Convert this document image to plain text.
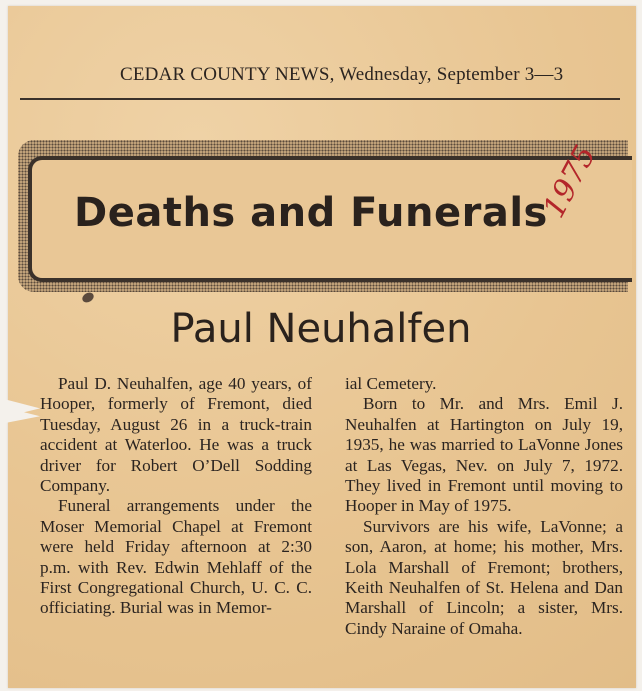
CEDAR COUNTY NEWS, Wednesday, September 3—3
Deaths and Funerals
1975
Paul Neuhalfen

Paul D. Neuhalfen, age 40 years, of Hooper, formerly of Fremont, died Tuesday, August 26 in a truck-train accident at Waterloo. He was a truck driver for Robert O’Dell Sodding Company.

Funeral arrangements under the Moser Memorial Chapel at Fremont were held Friday afternoon at 2:30 p.m. with Rev. Edwin Mehlaff of the First Congregational Church, U. C. C. officiating. Burial was in Memor-

ial Cemetery.

Born to Mr. and Mrs. Emil J. Neuhalfen at Hartington on July 19, 1935, he was married to LaVonne Jones at Las Vegas, Nev. on July 7, 1972. They lived in Fremont until moving to Hooper in May of 1975.

Survivors are his wife, LaVonne; a son, Aaron, at home; his mother, Mrs. Lola Marshall of Fremont; brothers, Keith Neuhalfen of St. Helena and Dan Marshall of Lincoln; a sister, Mrs. Cindy Naraine of Omaha.
